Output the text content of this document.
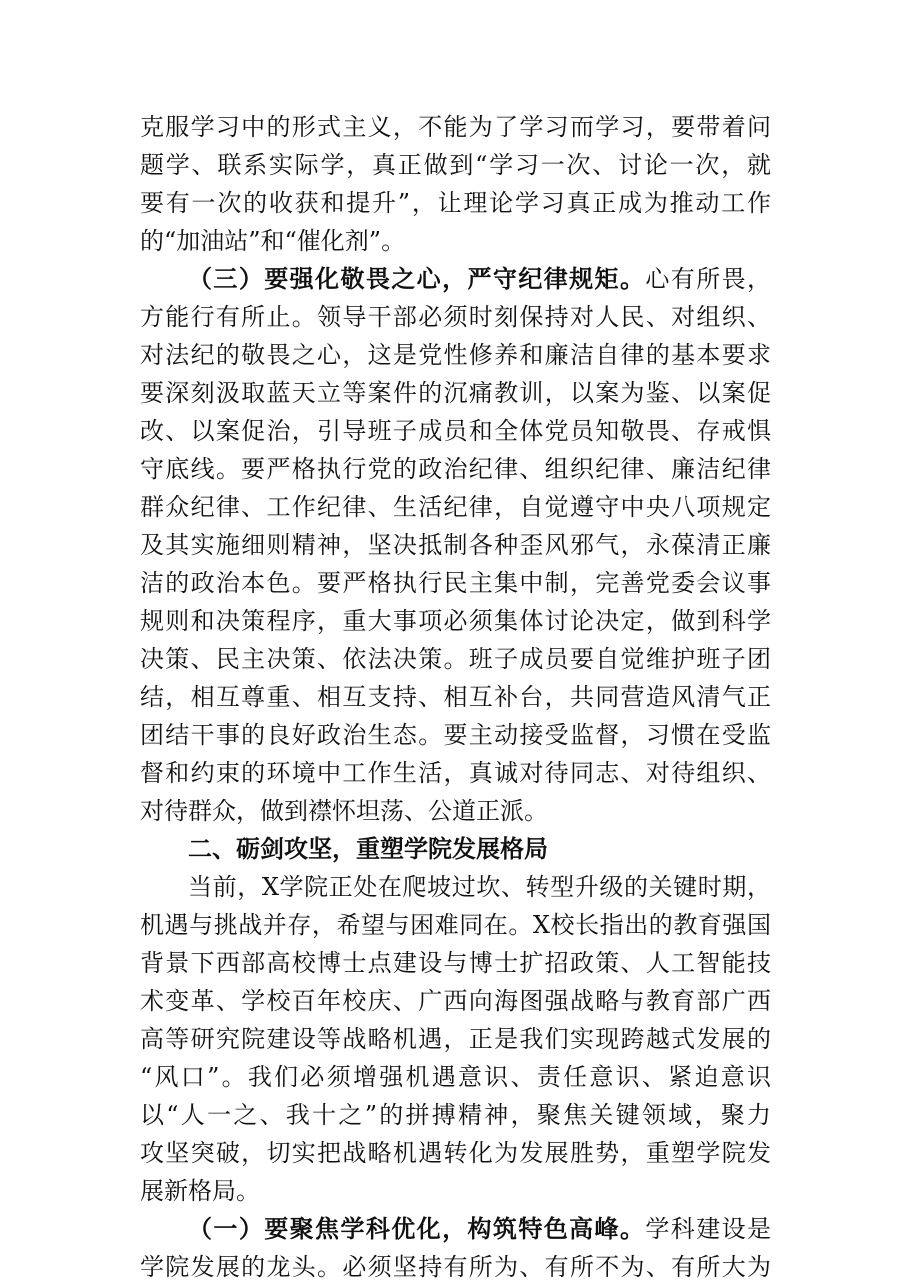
克服学习中的形式主义，不能为了学习而学习，要带着问
题学、联系实际学，真正做到“学习一次、讨论一次，就
要有一次的收获和提升”，让理论学习真正成为推动工作
的“加油站”和“催化剂”。
（三）要强化敬畏之心，严守纪律规矩。心有所畏，
方能行有所止。领导干部必须时刻保持对人民、对组织、
对法纪的敬畏之心，这是党性修养和廉洁自律的基本要求
要深刻汲取蓝天立等案件的沉痛教训，以案为鉴、以案促
改、以案促治，引导班子成员和全体党员知敬畏、存戒惧
守底线。要严格执行党的政治纪律、组织纪律、廉洁纪律
群众纪律、工作纪律、生活纪律，自觉遵守中央八项规定
及其实施细则精神，坚决抵制各种歪风邪气，永葆清正廉
洁的政治本色。要严格执行民主集中制，完善党委会议事
规则和决策程序，重大事项必须集体讨论决定，做到科学
决策、民主决策、依法决策。班子成员要自觉维护班子团
结，相互尊重、相互支持、相互补台，共同营造风清气正
团结干事的良好政治生态。要主动接受监督，习惯在受监
督和约束的环境中工作生活，真诚对待同志、对待组织、
对待群众，做到襟怀坦荡、公道正派。
二、砺剑攻坚，重塑学院发展格局
当前，X学院正处在爬坡过坎、转型升级的关键时期，
机遇与挑战并存，希望与困难同在。X校长指出的教育强国
背景下西部高校博士点建设与博士扩招政策、人工智能技
术变革、学校百年校庆、广西向海图强战略与教育部广西
高等研究院建设等战略机遇，正是我们实现跨越式发展的
“风口”。我们必须增强机遇意识、责任意识、紧迫意识
以“人一之、我十之”的拼搏精神，聚焦关键领域，聚力
攻坚突破，切实把战略机遇转化为发展胜势，重塑学院发
展新格局。
（一）要聚焦学科优化，构筑特色高峰。学科建设是
学院发展的龙头。必须坚持有所为、有所不为、有所大为
